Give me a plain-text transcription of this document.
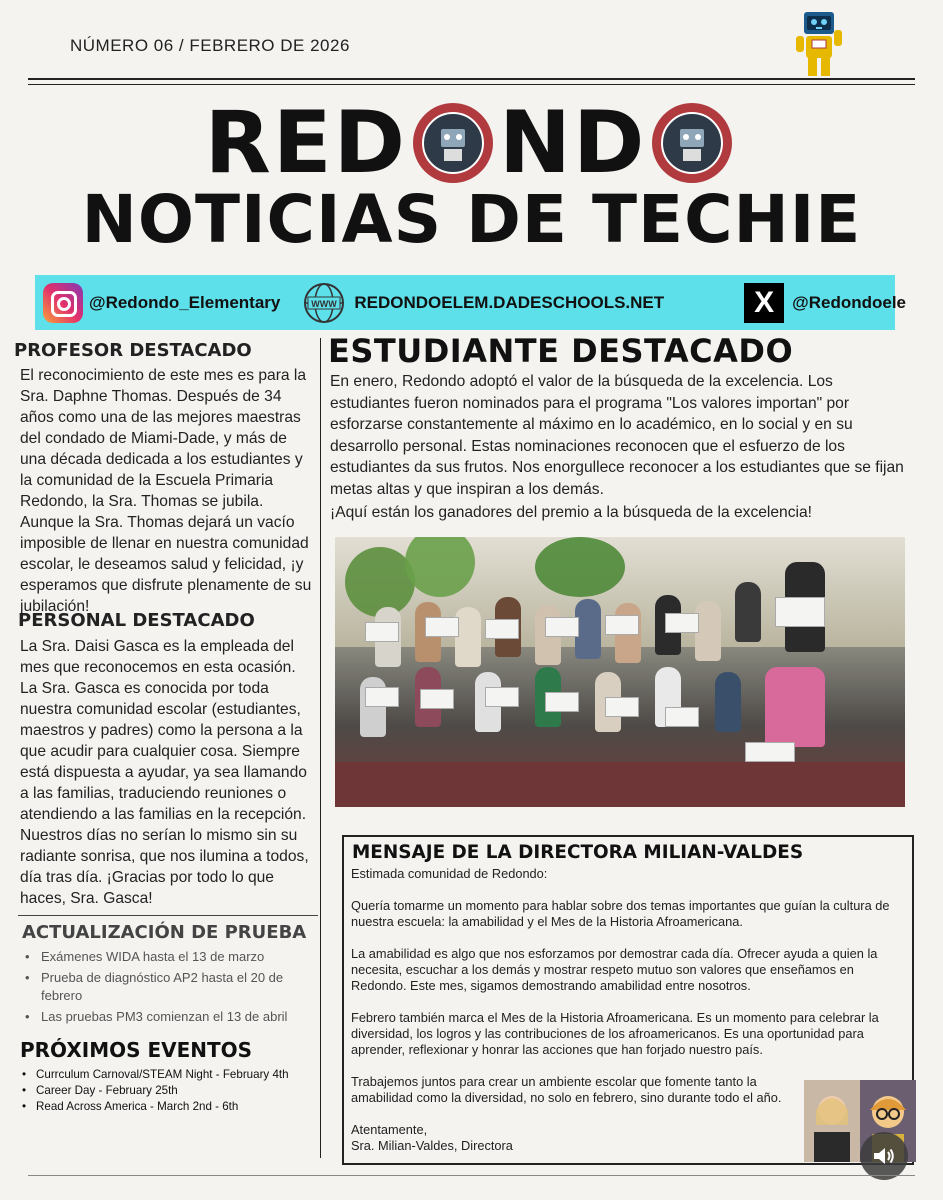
NÚMERO 06 / FEBRERO DE 2026
RED ND
NOTICIAS DE TECHIE
@Redondo_Elementary	WWW REDONDOELEM.DADESCHOOLS.NET	X	@Redondoele
PROFESOR DESTACADO
El reconocimiento de este mes es para la Sra. Daphne Thomas. Después de 34 años como una de las mejores maestras del condado de Miami-Dade, y más de una década dedicada a los estudiantes y la comunidad de la Escuela Primaria Redondo, la Sra. Thomas se jubila. Aunque la Sra. Thomas dejará un vacío imposible de llenar en nuestra comunidad escolar, le deseamos salud y felicidad, ¡y esperamos que disfrute plenamente de su jubilación!
PERSONAL DESTACADO
La Sra. Daisi Gasca es la empleada del mes que reconocemos en esta ocasión. La Sra. Gasca es conocida por toda nuestra comunidad escolar (estudiantes, maestros y padres) como la persona a la que acudir para cualquier cosa. Siempre está dispuesta a ayudar, ya sea llamando a las familias, traduciendo reuniones o atendiendo a las familias en la recepción. Nuestros días no serían lo mismo sin su radiante sonrisa, que nos ilumina a todos, día tras día. ¡Gracias por todo lo que haces, Sra. Gasca!
ACTUALIZACIÓN DE PRUEBA
• Exámenes WIDA hasta el 13 de marzo
• Prueba de diagnóstico AP2 hasta el 20 de febrero
• Las pruebas PM3 comienzan el 13 de abril
PRÓXIMOS EVENTOS
• Currculum Carnoval/STEAM Night - February 4th
• Career Day - February 25th
• Read Across America - March 2nd - 6th
ESTUDIANTE DESTACADO
En enero, Redondo adoptó el valor de la búsqueda de la excelencia. Los estudiantes fueron nominados para el programa "Los valores importan" por esforzarse constantemente al máximo en lo académico, en lo social y en su desarrollo personal. Estas nominaciones reconocen que el esfuerzo de los estudiantes da sus frutos. Nos enorgullece reconocer a los estudiantes que se fijan metas altas y que inspiran a los demás.
¡Aquí están los ganadores del premio a la búsqueda de la excelencia!
MENSAJE DE LA DIRECTORA MILIAN-VALDES

Estimada comunidad de Redondo:

Quería tomarme un momento para hablar sobre dos temas importantes que guían la cultura de nuestra escuela: la amabilidad y el Mes de la Historia Afroamericana.

La amabilidad es algo que nos esforzamos por demostrar cada día. Ofrecer ayuda a quien la necesita, escuchar a los demás y mostrar respeto mutuo son valores que enseñamos en Redondo. Este mes, sigamos demostrando amabilidad entre nosotros.

Febrero también marca el Mes de la Historia Afroamericana. Es un momento para celebrar la diversidad, los logros y las contribuciones de los afroamericanos. Es una oportunidad para aprender, reflexionar y honrar las acciones que han forjado nuestro país.

Trabajemos juntos para crear un ambiente escolar que fomente tanto la amabilidad como la diversidad, no solo en febrero, sino durante todo el año.

Atentamente,

Sra. Milian-Valdes, Directora
